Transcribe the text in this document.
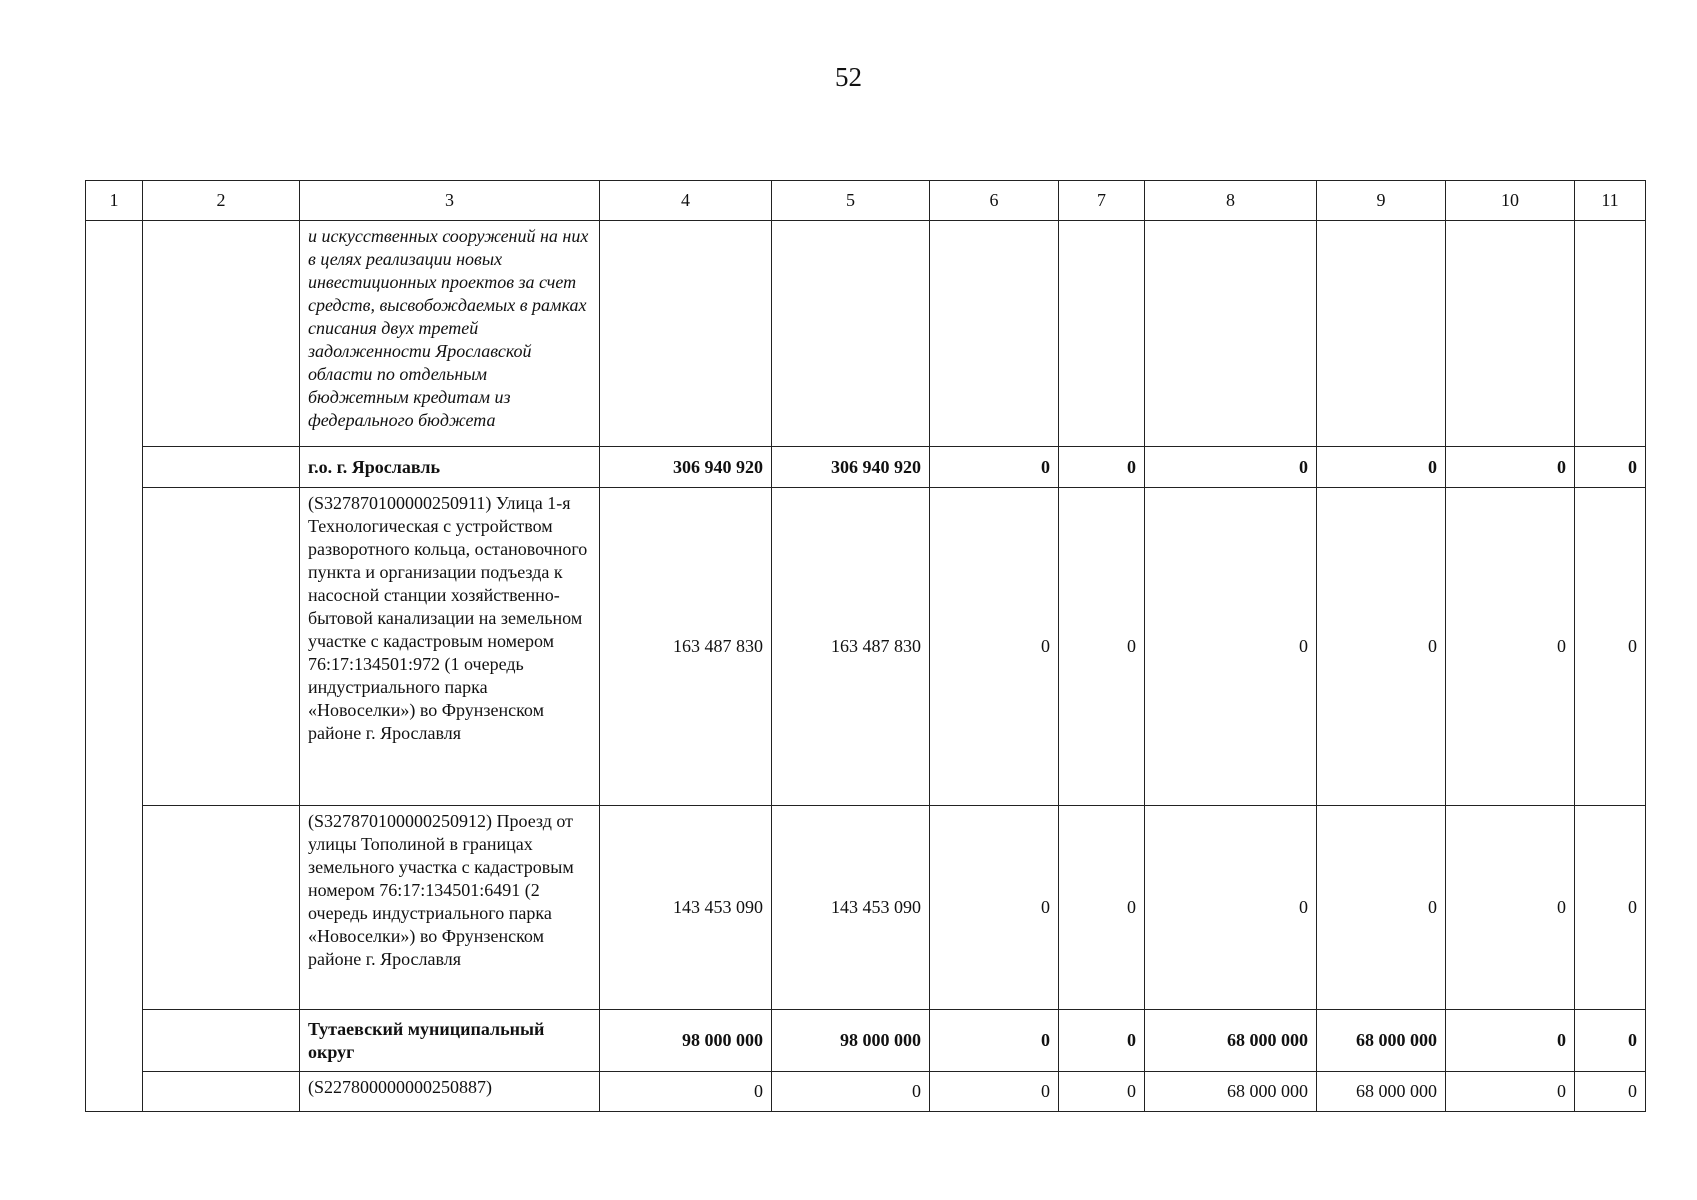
52
1	2	3	4	5	6	7	8	9	10	11
		и искусственных сооружений на них в целях реализации новых инвестиционных проектов за счет средств, высвобождаемых в рамках списания двух третей задолженности Ярославской области по отдельным бюджетным кредитам из федерального бюджета								
		г.о. г. Ярославль	306 940 920	306 940 920	0	0	0	0	0	0
		(S327870100000250911) Улица 1-я Технологическая с устройством разворотного кольца, остановочного пункта и организации подъезда к насосной станции хозяйственно-бытовой канализации на земельном участке с кадастровым номером 76:17:134501:972 (1 очередь индустриального парка «Новоселки») во Фрунзенском районе г. Ярославля	163 487 830	163 487 830	0	0	0	0	0	0
		(S327870100000250912) Проезд от улицы Тополиной в границах земельного участка с кадастровым номером 76:17:134501:6491 (2 очередь индустриального парка «Новоселки») во Фрунзенском районе г. Ярославля	143 453 090	143 453 090	0	0	0	0	0	0
		Тутаевский муниципальный округ	98 000 000	98 000 000	0	0	68 000 000	68 000 000	0	0
		(S227800000000250887)	0	0	0	0	68 000 000	68 000 000	0	0
